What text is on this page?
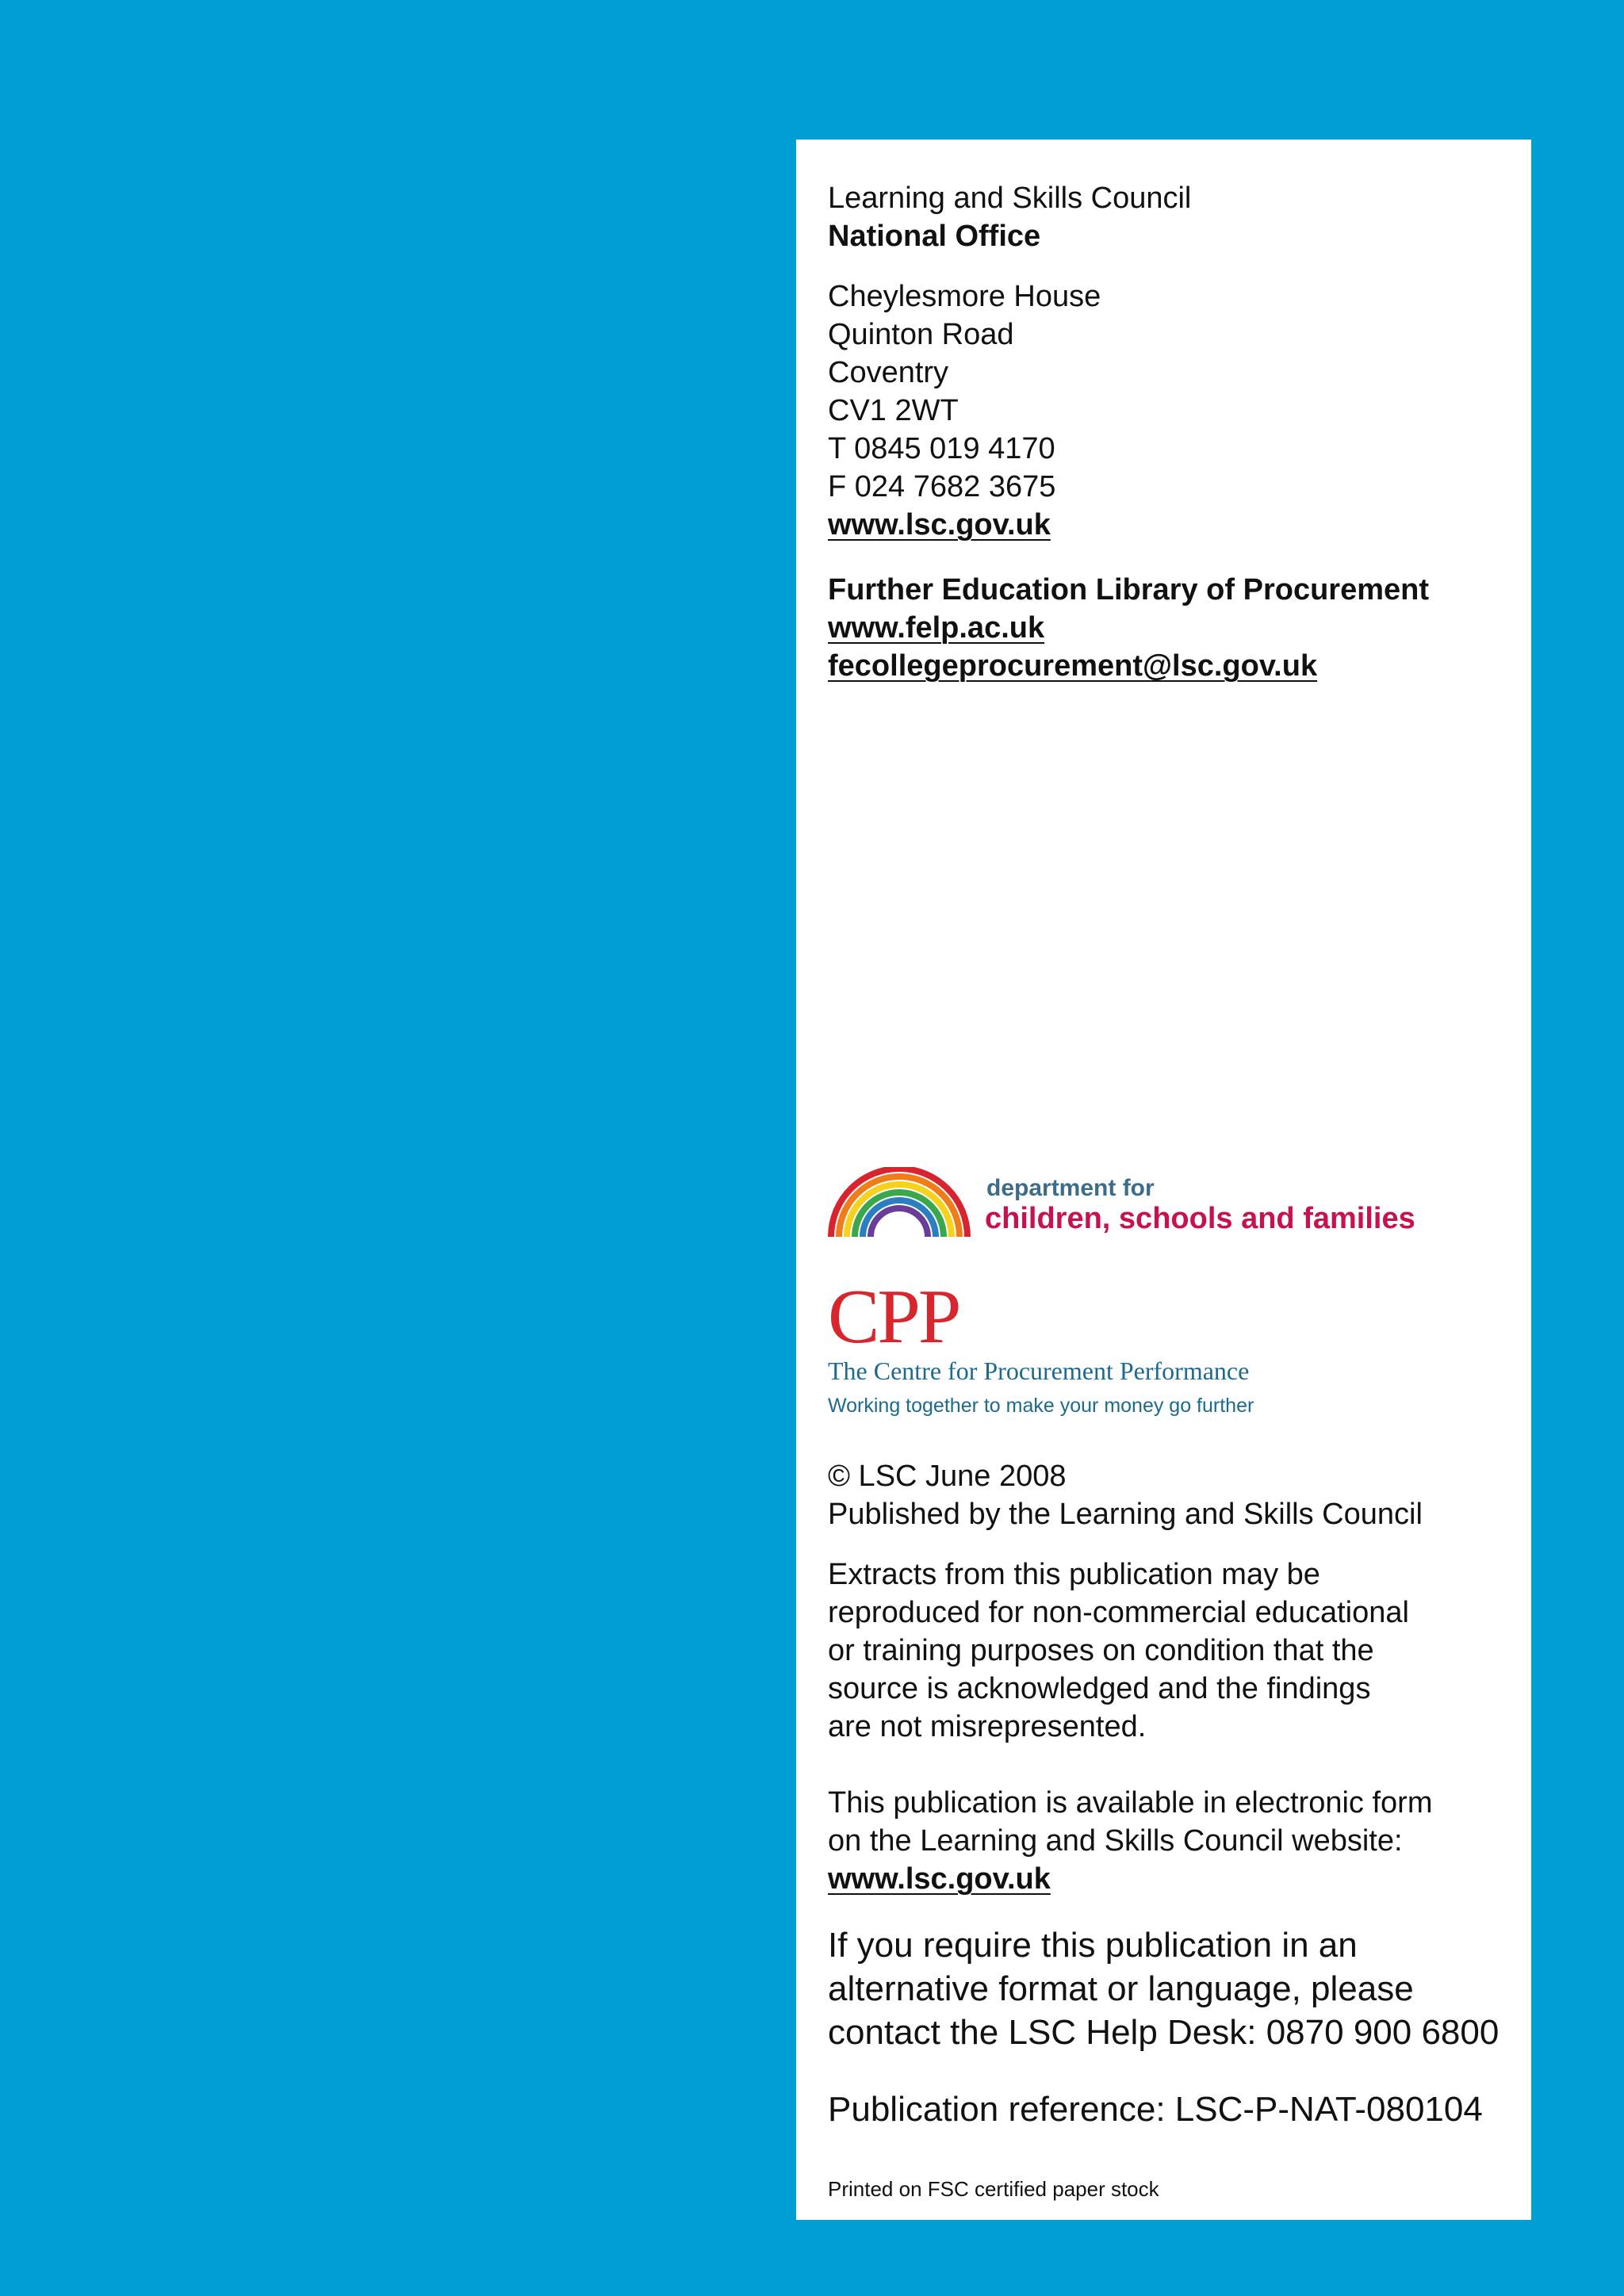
Learning and Skills Council
National Office
Cheylesmore House
Quinton Road
Coventry
CV1 2WT
T 0845 019 4170
F 024 7682 3675
www.lsc.gov.uk
Further Education Library of Procurement
www.felp.ac.uk
fecollegeprocurement@lsc.gov.uk
department for
children, schools and families
CPP
The Centre for Procurement Performance
Working together to make your money go further
© LSC June 2008
Published by the Learning and Skills Council
Extracts from this publication may be
reproduced for non-commercial educational
or training purposes on condition that the
source is acknowledged and the findings
are not misrepresented.
This publication is available in electronic form
on the Learning and Skills Council website:
www.lsc.gov.uk
If you require this publication in an
alternative format or language, please
contact the LSC Help Desk: 0870 900 6800
Publication reference: LSC-P-NAT-080104
Printed on FSC certified paper stock
